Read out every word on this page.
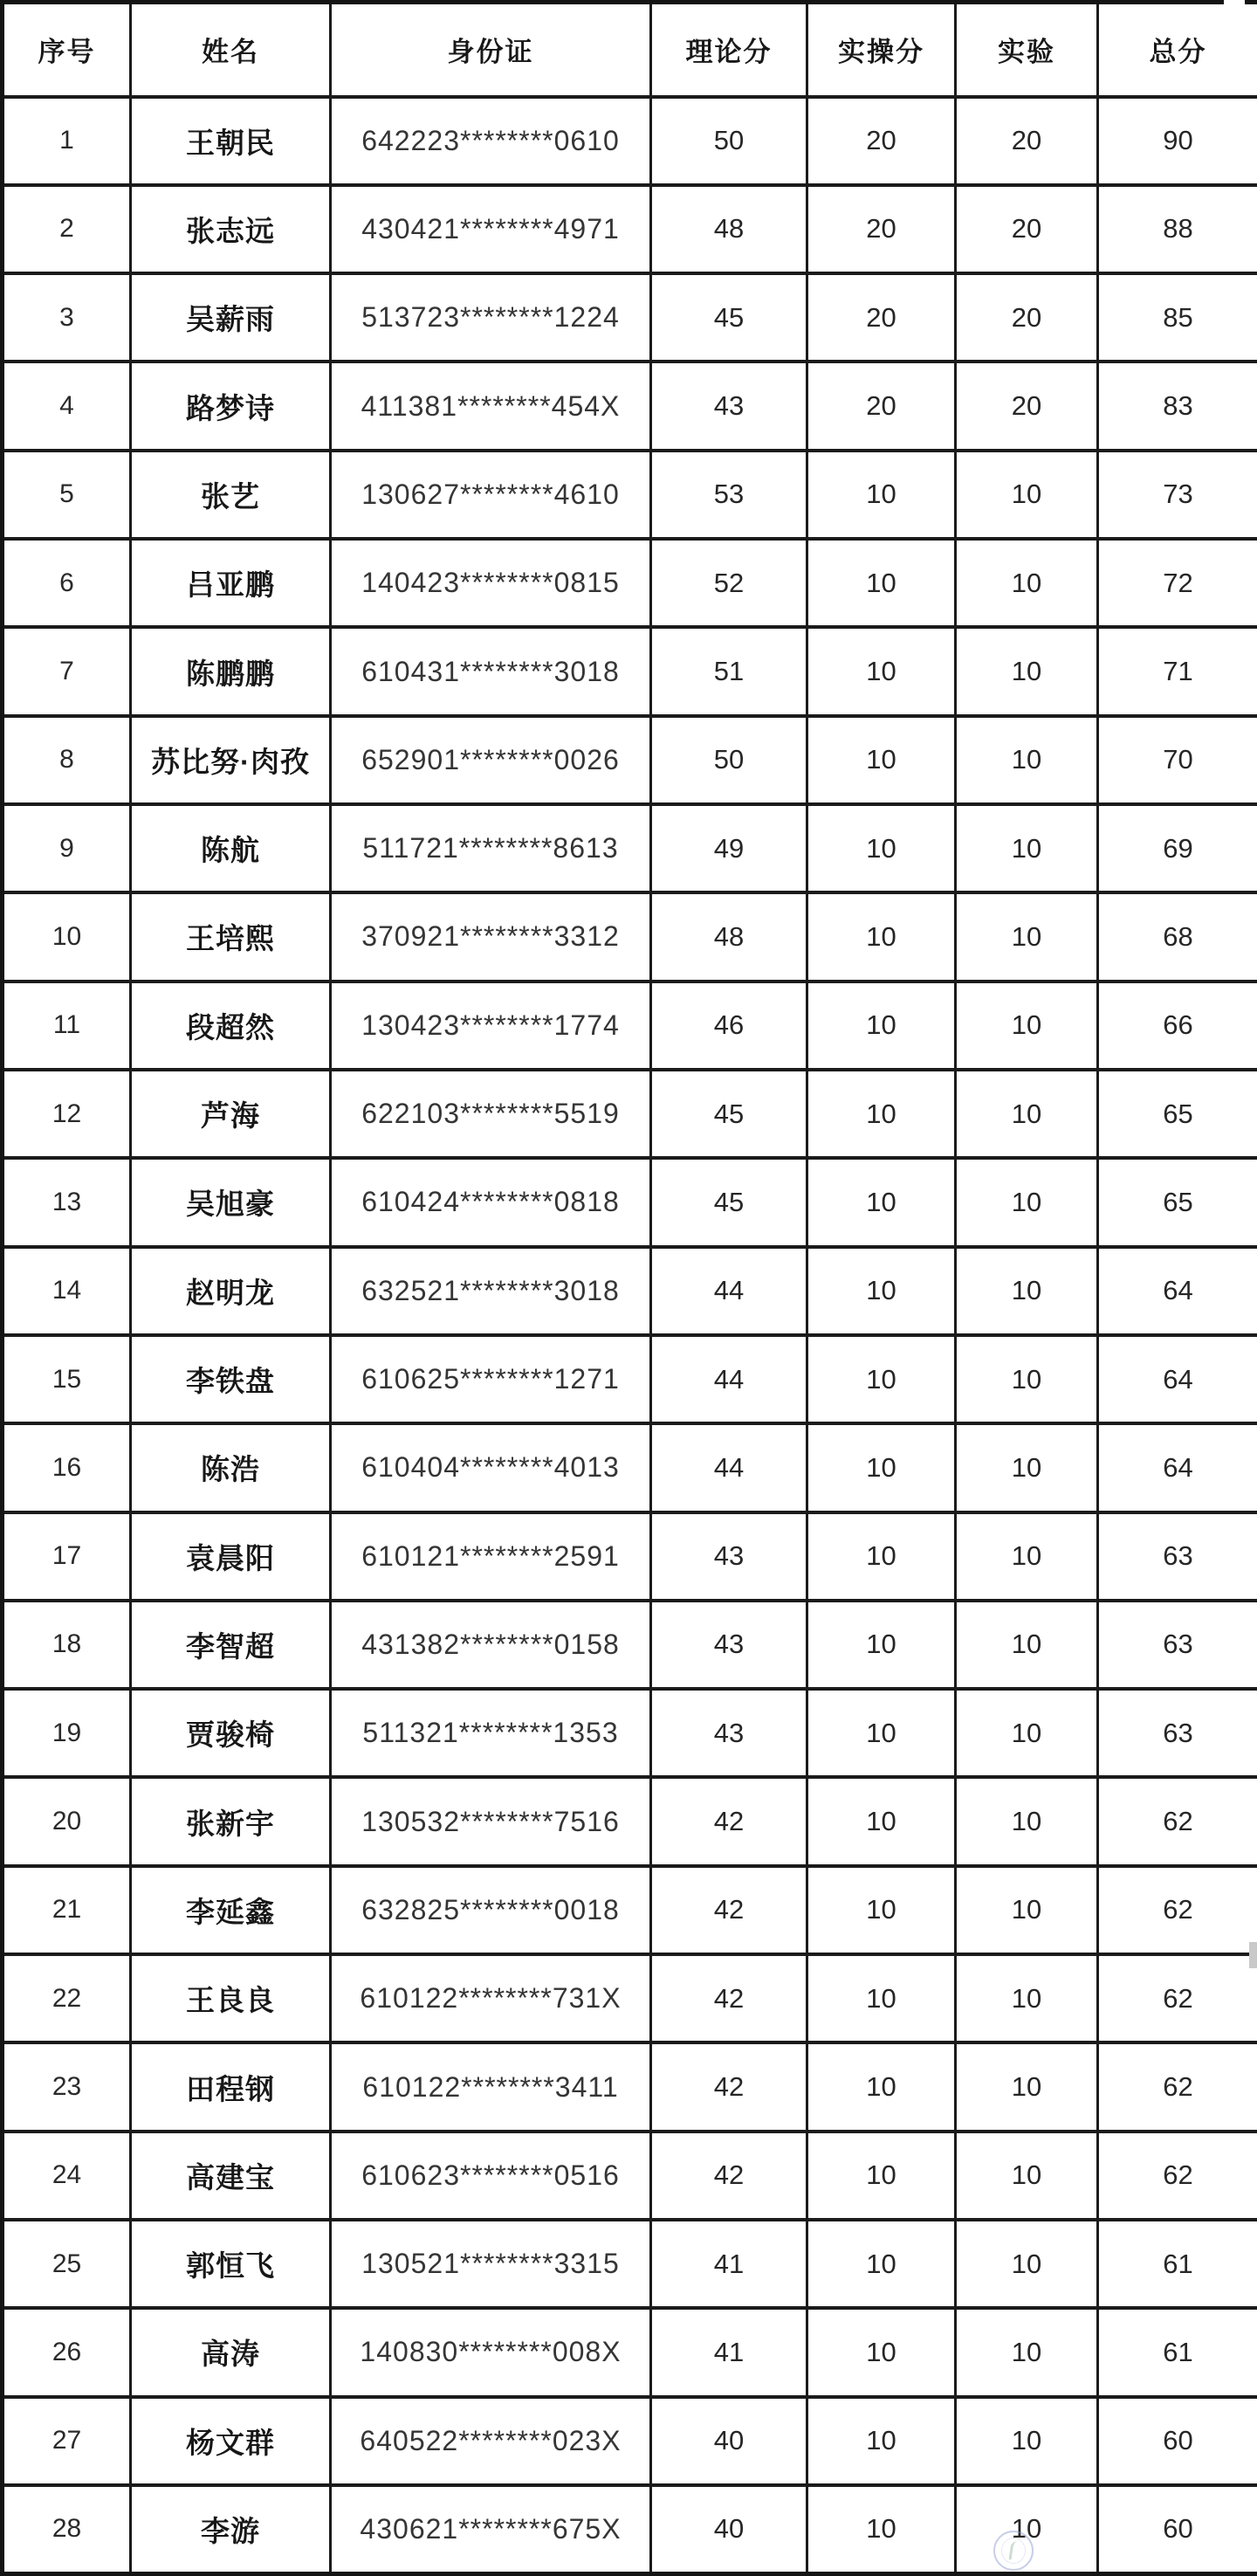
序号	姓名	身份证	理论分	实操分	实验	总分
1	王朝民	642223********0610	50	20	20	90
2	张志远	430421********4971	48	20	20	88
3	吴薪雨	513723********1224	45	20	20	85
4	路梦诗	411381********454X	43	20	20	83
5	张艺	130627********4610	53	10	10	73
6	吕亚鹏	140423********0815	52	10	10	72
7	陈鹏鹏	610431********3018	51	10	10	71
8	苏比努·肉孜	652901********0026	50	10	10	70
9	陈航	511721********8613	49	10	10	69
10	王培熙	370921********3312	48	10	10	68
11	段超然	130423********1774	46	10	10	66
12	芦海	622103********5519	45	10	10	65
13	吴旭豪	610424********0818	45	10	10	65
14	赵明龙	632521********3018	44	10	10	64
15	李铁盘	610625********1271	44	10	10	64
16	陈浩	610404********4013	44	10	10	64
17	袁晨阳	610121********2591	43	10	10	63
18	李智超	431382********0158	43	10	10	63
19	贾骏椅	511321********1353	43	10	10	63
20	张新宇	130532********7516	42	10	10	62
21	李延鑫	632825********0018	42	10	10	62
22	王良良	610122********731X	42	10	10	62
23	田程钢	610122********3411	42	10	10	62
24	高建宝	610623********0516	42	10	10	62
25	郭恒飞	130521********3315	41	10	10	61
26	高涛	140830********008X	41	10	10	61
27	杨文群	640522********023X	40	10	10	60
28	李游	430621********675X	40	10	10	60
